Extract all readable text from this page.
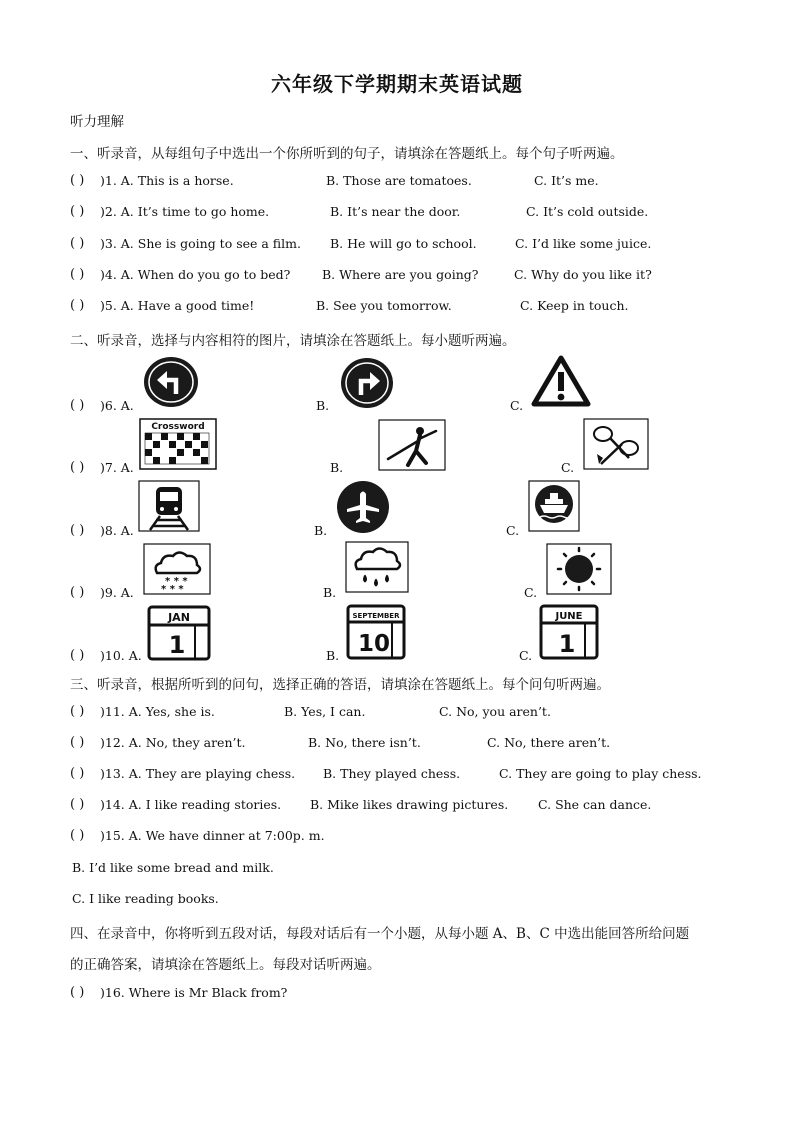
六年级下学期期末英语试题
听力理解
一、听录音，从每组句子中选出一个你所听到的句子，请填涂在答题纸上。每个句子听两遍。
( ) )1. A. This is a horse.	B. Those are tomatoes.	C. It’s me.
( ) )2. A. It’s time to go home.	B. It’s near the door.	C. It’s cold outside.
( ) )3. A. She is going to see a film. B. He will go to school.	C. I’d like some juice.
( ) )4. A. When do you go to bed?	B. Where are you going?	C. Why do you like it?
( ) )5. A. Have a good time!	B. See you tomorrow.	C. Keep in touch.
二、听录音，选择与内容相符的图片，请填涂在答题纸上。每小题听两遍。
( ) )6. A.	B.	C.
( ) )7. A.
Crossword
B.	C.
( ) )8. A.	B.	C.
( ) )9. A.
* * *
* * *	B.	C.
( ) )10. A.
JAN
1	B.
SEPTEMBER
10	C.
JUNE
1
三、听录音，根据所听到的问句，选择正确的答语，请填涂在答题纸上。每个问句听两遍。
( ) )11. A. Yes, she is.	B. Yes, I can.	C. No, you aren’t.
( ) )12. A. No, they aren’t.	B. No, there isn’t.	C. No, there aren’t.
( ) )13. A. They are playing chess. B. They played chess.	C. They are going to play chess.
( ) )14. A. I like reading stories. B. Mike likes drawing pictures. C. She can dance.
( ) )15. A. We have dinner at 7:00p. m.
B. I’d like some bread and milk.
C. I like reading books.
四、在录音中，你将听到五段对话，每段对话后有一个小题，从每小题 A、B、C 中选出能回答所给问题
的正确答案，请填涂在答题纸上。每段对话听两遍。
( ) )16. Where is Mr Black from?
